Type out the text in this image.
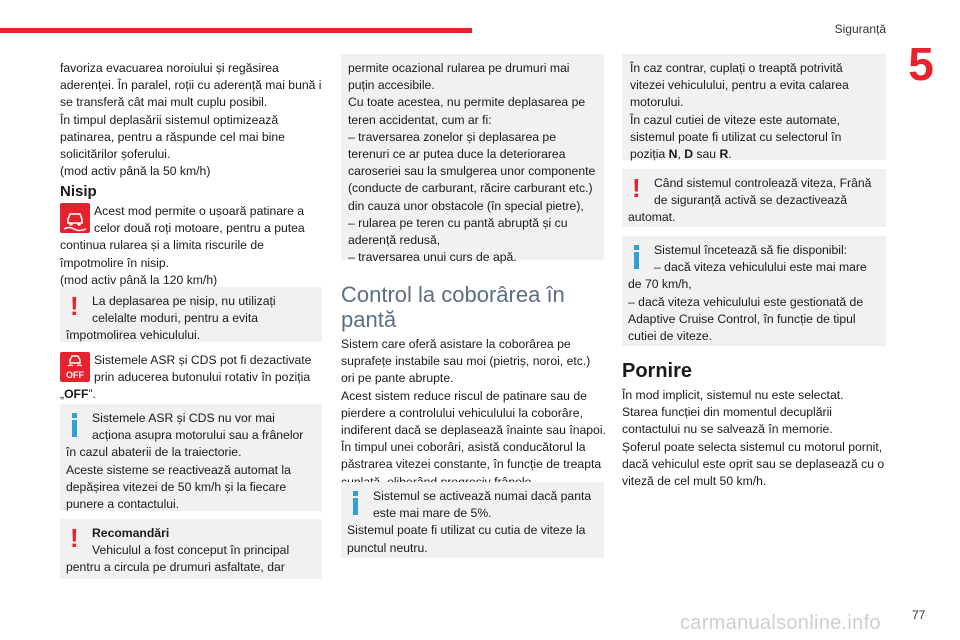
Siguranță
5

favoriza evacuarea noroiului și regăsirea

aderenței. În paralel, roții cu aderență mai bună i

se transferă cât mai mult cuplu posibil.

În timpul deplasării sistemul optimizează

patinarea, pentru a răspunde cel mai bine

solicitărilor șoferului.

(mod activ până la 50 km/h)

Nisip

Acest mod permite o ușoară patinare a

celor două roți motoare, pentru a putea

continua rularea și a limita riscurile de

împotmolire în nisip.

(mod activ până la 120 km/h)

!	La deplasarea pe nisip, nu utilizați

celelalte moduri, pentru a evita

împotmolirea vehiculului.

OFF

Sistemele ASR și CDS pot fi dezactivate

prin aducerea butonului rotativ în poziția

„OFF”.

Sistemele ASR și CDS nu vor mai

acționa asupra motorului sau a frânelor

în cazul abaterii de la traiectorie.

Aceste sisteme se reactivează automat la

depășirea vitezei de 50 km/h și la fiecare

punere a contactului.

!	Recomandări

Vehiculul a fost conceput în principal

pentru a circula pe drumuri asfaltate, dar

permite ocazional rularea pe drumuri mai

puțin accesibile.

Cu toate acestea, nu permite deplasarea pe

teren accidentat, cum ar fi:

– traversarea zonelor și deplasarea pe

terenuri ce ar putea duce la deteriorarea

caroseriei sau la smulgerea unor componente

(conducte de carburant, răcire carburant etc.)

din cauza unor obstacole (în special pietre),

– rularea pe teren cu pantă abruptă și cu

aderență redusă,

– traversarea unui curs de apă.

Control la coborârea în
pantă

Sistem care oferă asistare la coborârea pe

suprafețe instabile sau moi (pietriș, noroi, etc.)

ori pe pante abrupte.

Acest sistem reduce riscul de patinare sau de

pierdere a controlului vehiculului la coborâre,

indiferent dacă se deplasează înainte sau înapoi.

În timpul unei coborâri, asistă conducătorul la

păstrarea vitezei constante, în funcție de treapta

Sistemul se activează numai dacă panta

este mai mare de 5%.

Sistemul poate fi utilizat cu cutia de viteze la

punctul neutru.

În caz contrar, cuplați o treaptă potrivită

vitezei vehiculului, pentru a evita calarea

motorului.

În cazul cutiei de viteze este automate,

sistemul poate fi utilizat cu selectorul în

poziția N, D sau R.

!	Când sistemul controlează viteza, Frână

de siguranță activă se dezactivează

automat.

Sistemul încetează să fie disponibil:

– dacă viteza vehiculului este mai mare

de 70 km/h,

– dacă viteza vehiculului este gestionată de

Adaptive Cruise Control, în funcție de tipul

cutiei de viteze.

Pornire

În mod implicit, sistemul nu este selectat.

Starea funcției din momentul decuplării

contactului nu se salvează în memorie.

Șoferul poate selecta sistemul cu motorul pornit,

dacă vehiculul este oprit sau se deplasează cu o

viteză de cel mult 50 km/h.

carmanualsonline.info	77
